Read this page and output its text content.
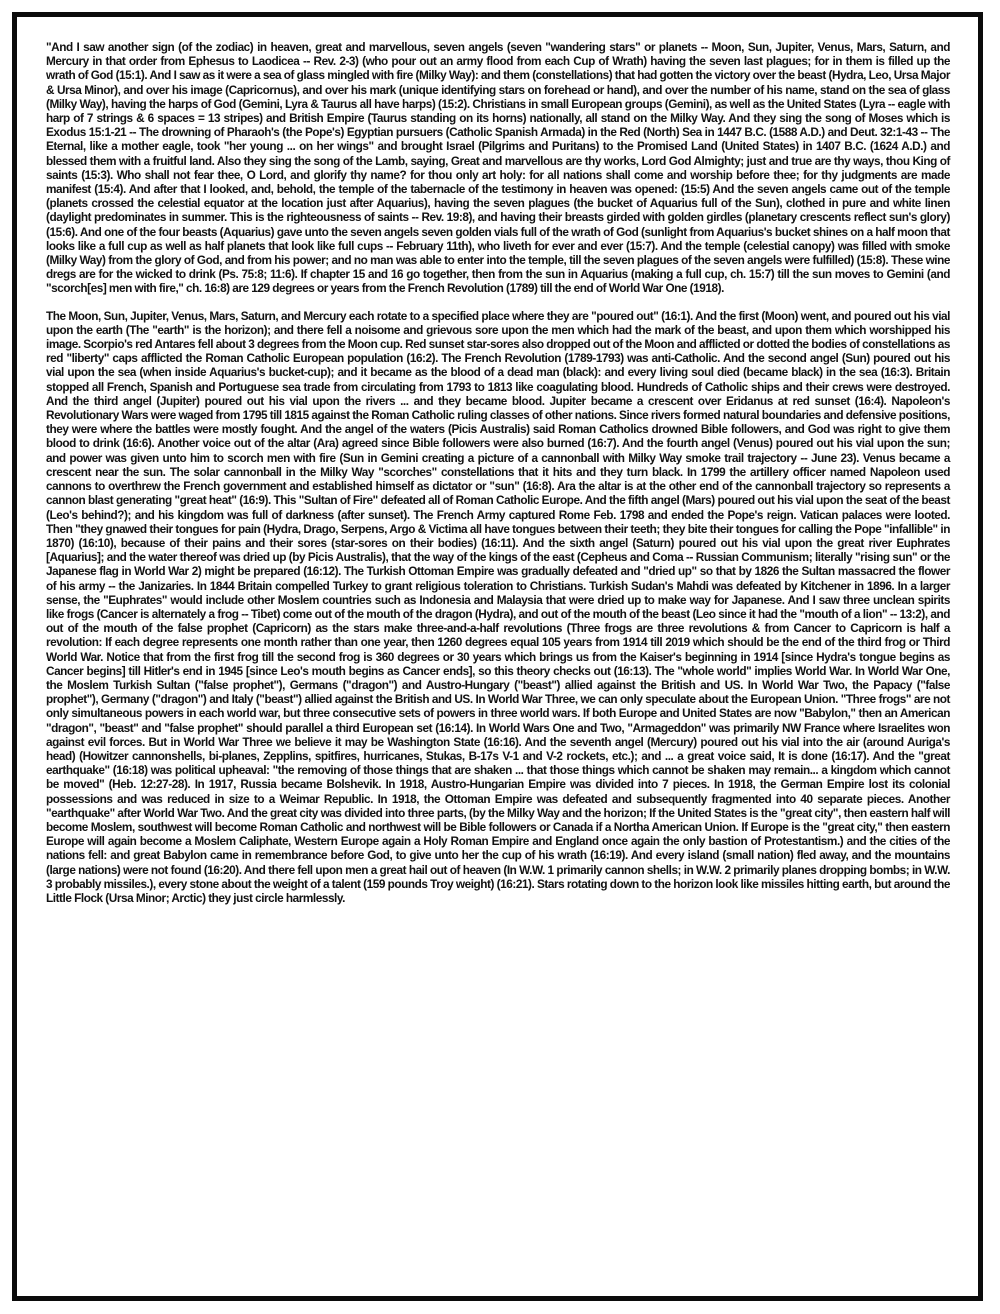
"And I saw another sign (of the zodiac) in heaven, great and marvellous, seven angels (seven "wandering stars" or planets -- Moon, Sun, Jupiter, Venus, Mars, Saturn, and Mercury in that order from Ephesus to Laodicea -- Rev. 2-3) (who pour out an army flood from each Cup of Wrath) having the seven last plagues; for in them is filled up the wrath of God (15:1). And I saw as it were a sea of glass mingled with fire (Milky Way): and them (constellations) that had gotten the victory over the beast (Hydra, Leo, Ursa Major & Ursa Minor), and over his image (Capricornus), and over his mark (unique identifying stars on forehead or hand), and over the number of his name, stand on the sea of glass (Milky Way), having the harps of God (Gemini, Lyra & Taurus all have harps) (15:2). Christians in small European groups (Gemini), as well as the United States (Lyra -- eagle with harp of 7 strings & 6 spaces = 13 stripes) and British Empire (Taurus standing on its horns) nationally, all stand on the Milky Way. And they sing the song of Moses which is Exodus 15:1-21 -- The drowning of Pharaoh's (the Pope's) Egyptian pursuers (Catholic Spanish Armada) in the Red (North) Sea in 1447 B.C. (1588 A.D.) and Deut. 32:1-43 -- The Eternal, like a mother eagle, took "her young ... on her wings" and brought Israel (Pilgrims and Puritans) to the Promised Land (United States) in 1407 B.C. (1624 A.D.) and blessed them with a fruitful land. Also they sing the song of the Lamb, saying, Great and marvellous are thy works, Lord God Almighty; just and true are thy ways, thou King of saints (15:3). Who shall not fear thee, O Lord, and glorify thy name? for thou only art holy: for all nations shall come and worship before thee; for thy judgments are made manifest (15:4). And after that I looked, and, behold, the temple of the tabernacle of the testimony in heaven was opened: (15:5) And the seven angels came out of the temple (planets crossed the celestial equator at the location just after Aquarius), having the seven plagues (the bucket of Aquarius full of the Sun), clothed in pure and white linen (daylight predominates in summer. This is the righteousness of saints -- Rev. 19:8), and having their breasts girded with golden girdles (planetary crescents reflect sun's glory) (15:6). And one of the four beasts (Aquarius) gave unto the seven angels seven golden vials full of the wrath of God (sunlight from Aquarius's bucket shines on a half moon that looks like a full cup as well as half planets that look like full cups -- February 11th), who liveth for ever and ever (15:7). And the temple (celestial canopy) was filled with smoke (Milky Way) from the glory of God, and from his power; and no man was able to enter into the temple, till the seven plagues of the seven angels were fulfilled) (15:8). These wine dregs are for the wicked to drink (Ps. 75:8; 11:6). If chapter 15 and 16 go together, then from the sun in Aquarius (making a full cup, ch. 15:7) till the sun moves to Gemini (and "scorch[es] men with fire," ch. 16:8) are 129 degrees or years from the French Revolution (1789) till the end of World War One (1918).

The Moon, Sun, Jupiter, Venus, Mars, Saturn, and Mercury each rotate to a specified place where they are "poured out" (16:1). And the first (Moon) went, and poured out his vial upon the earth (The "earth" is the horizon); and there fell a noisome and grievous sore upon the men which had the mark of the beast, and upon them which worshipped his image. Scorpio's red Antares fell about 3 degrees from the Moon cup. Red sunset star-sores also dropped out of the Moon and afflicted or dotted the bodies of constellations as red "liberty" caps afflicted the Roman Catholic European population (16:2). The French Revolution (1789-1793) was anti-Catholic. And the second angel (Sun) poured out his vial upon the sea (when inside Aquarius's bucket-cup); and it became as the blood of a dead man (black): and every living soul died (became black) in the sea (16:3). Britain stopped all French, Spanish and Portuguese sea trade from circulating from 1793 to 1813 like coagulating blood. Hundreds of Catholic ships and their crews were destroyed. And the third angel (Jupiter) poured out his vial upon the rivers ... and they became blood. Jupiter became a crescent over Eridanus at red sunset (16:4). Napoleon's Revolutionary Wars were waged from 1795 till 1815 against the Roman Catholic ruling classes of other nations. Since rivers formed natural boundaries and defensive positions, they were where the battles were mostly fought. And the angel of the waters (Picis Australis) said Roman Catholics drowned Bible followers, and God was right to give them blood to drink (16:6). Another voice out of the altar (Ara) agreed since Bible followers were also burned (16:7). And the fourth angel (Venus) poured out his vial upon the sun; and power was given unto him to scorch men with fire (Sun in Gemini creating a picture of a cannonball with Milky Way smoke trail trajectory -- June 23). Venus became a crescent near the sun. The solar cannonball in the Milky Way "scorches" constellations that it hits and they turn black. In 1799 the artillery officer named Napoleon used cannons to overthrew the French government and established himself as dictator or "sun" (16:8). Ara the altar is at the other end of the cannonball trajectory so represents a cannon blast generating "great heat" (16:9). This "Sultan of Fire" defeated all of Roman Catholic Europe. And the fifth angel (Mars) poured out his vial upon the seat of the beast (Leo's behind?); and his kingdom was full of darkness (after sunset). The French Army captured Rome Feb. 1798 and ended the Pope's reign. Vatican palaces were looted. Then "they gnawed their tongues for pain (Hydra, Drago, Serpens, Argo & Victima all have tongues between their teeth; they bite their tongues for calling the Pope "infallible" in 1870) (16:10), because of their pains and their sores (star-sores on their bodies) (16:11). And the sixth angel (Saturn) poured out his vial upon the great river Euphrates [Aquarius]; and the water thereof was dried up (by Picis Australis), that the way of the kings of the east (Cepheus and Coma -- Russian Communism; literally "rising sun" or the Japanese flag in World War 2) might be prepared (16:12). The Turkish Ottoman Empire was gradually defeated and "dried up" so that by 1826 the Sultan massacred the flower of his army -- the Janizaries. In 1844 Britain compelled Turkey to grant religious toleration to Christians. Turkish Sudan's Mahdi was defeated by Kitchener in 1896. In a larger sense, the "Euphrates" would include other Moslem countries such as Indonesia and Malaysia that were dried up to make way for Japanese. And I saw three unclean spirits like frogs (Cancer is alternately a frog -- Tibet) come out of the mouth of the dragon (Hydra), and out of the mouth of the beast (Leo since it had the "mouth of a lion" -- 13:2), and out of the mouth of the false prophet (Capricorn) as the stars make three-and-a-half revolutions (Three frogs are three revolutions & from Cancer to Capricorn is half a revolution: If each degree represents one month rather than one year, then 1260 degrees equal 105 years from 1914 till 2019 which should be the end of the third frog or Third World War. Notice that from the first frog till the second frog is 360 degrees or 30 years which brings us from the Kaiser's beginning in 1914 [since Hydra's tongue begins as Cancer begins] till Hitler's end in 1945 [since Leo's mouth begins as Cancer ends], so this theory checks out (16:13). The "whole world" implies World War. In World War One, the Moslem Turkish Sultan ("false prophet"), Germans ("dragon") and Austro-Hungary ("beast") allied against the British and US. In World War Two, the Papacy ("false prophet"), Germany ("dragon") and Italy ("beast") allied against the British and US. In World War Three, we can only speculate about the European Union. "Three frogs" are not only simultaneous powers in each world war, but three consecutive sets of powers in three world wars. If both Europe and United States are now "Babylon," then an American "dragon", "beast" and "false prophet" should parallel a third European set (16:14). In World Wars One and Two, "Armageddon" was primarily NW France where Israelites won against evil forces. But in World War Three we believe it may be Washington State (16:16). And the seventh angel (Mercury) poured out his vial into the air (around Auriga's head) (Howitzer cannonshells, bi-planes, Zepplins, spitfires, hurricanes, Stukas, B-17s V-1 and V-2 rockets, etc.); and ... a great voice said, It is done (16:17). And the "great earthquake" (16:18) was political upheaval: "the removing of those things that are shaken ... that those things which cannot be shaken may remain... a kingdom which cannot be moved" (Heb. 12:27-28). In 1917, Russia became Bolshevik. In 1918, Austro-Hungarian Empire was divided into 7 pieces. In 1918, the German Empire lost its colonial possessions and was reduced in size to a Weimar Republic. In 1918, the Ottoman Empire was defeated and subsequently fragmented into 40 separate pieces. Another "earthquake" after World War Two. And the great city was divided into three parts, (by the Milky Way and the horizon; If the United States is the "great city", then eastern half will become Moslem, southwest will become Roman Catholic and northwest will be Bible followers or Canada if a Northa American Union. If Europe is the "great city," then eastern Europe will again become a Moslem Caliphate, Western Europe again a Holy Roman Empire and England once again the only bastion of Protestantism.) and the cities of the nations fell: and great Babylon came in remembrance before God, to give unto her the cup of his wrath (16:19). And every island (small nation) fled away, and the mountains (large nations) were not found (16:20). And there fell upon men a great hail out of heaven (In W.W. 1 primarily cannon shells; in W.W. 2 primarily planes dropping bombs; in W.W. 3 probably missiles.), every stone about the weight of a talent (159 pounds Troy weight) (16:21). Stars rotating down to the horizon look like missiles hitting earth, but around the Little Flock (Ursa Minor; Arctic) they just circle harmlessly.
